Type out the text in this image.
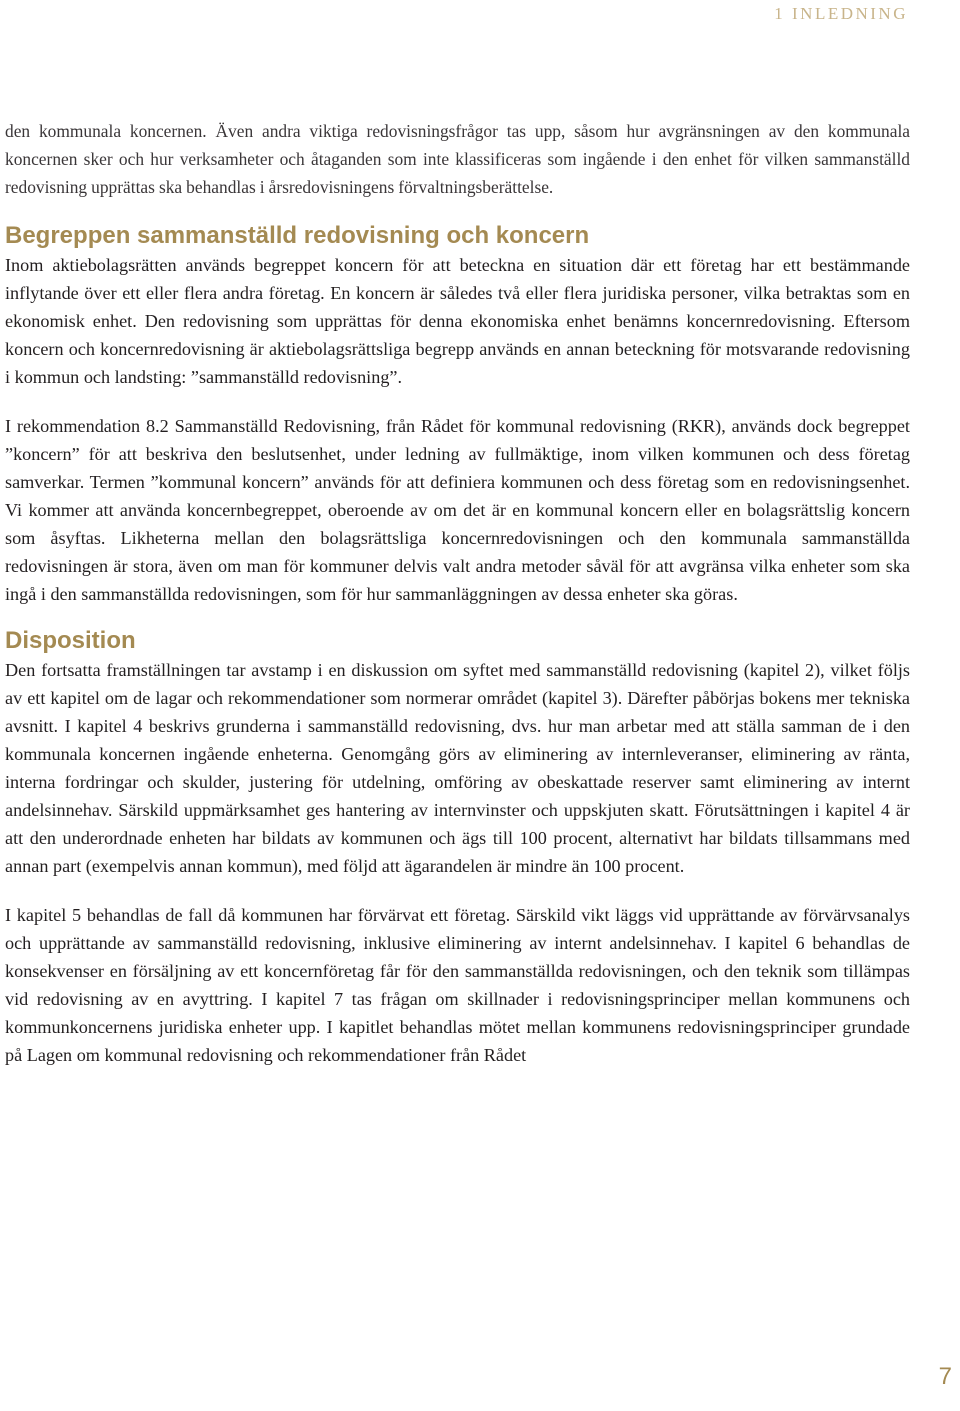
1 INLEDNING

den kommunala koncernen. Även andra viktiga redovisningsfrågor tas upp, såsom hur avgränsningen av den kommunala koncernen sker och hur verksamheter och åtaganden som inte klassificeras som ingående i den enhet för vilken sammanställd redovisning upprättas ska behandlas i årsredovisningens förvaltningsberättelse.

Begreppen sammanställd redovisning och koncern

Inom aktiebolagsrätten används begreppet koncern för att beteckna en situation där ett företag har ett bestämmande inflytande över ett eller flera andra företag. En koncern är således två eller flera juridiska personer, vilka betraktas som en ekonomisk enhet. Den redovisning som upprättas för denna ekonomiska enhet benämns koncernredovisning. Eftersom koncern och koncernredovisning är aktiebolagsrättsliga begrepp används en annan beteckning för motsvarande redovisning i kommun och landsting: ”sammanställd redovisning”.

I rekommendation 8.2 Sammanställd Redovisning, från Rådet för kommunal redovisning (RKR), används dock begreppet ”koncern” för att beskriva den beslutsenhet, under ledning av fullmäktige, inom vilken kommunen och dess företag samverkar. Termen ”kommunal koncern” används för att definiera kommunen och dess företag som en redovisningsenhet. Vi kommer att använda koncernbegreppet, oberoende av om det är en kommunal koncern eller en bolagsrättslig koncern som åsyftas. Likheterna mellan den bolagsrättsliga koncernredovisningen och den kommunala sammanställda redovisningen är stora, även om man för kommuner delvis valt andra metoder såväl för att avgränsa vilka enheter som ska ingå i den sammanställda redovisningen, som för hur sammanläggningen av dessa enheter ska göras.

Disposition

Den fortsatta framställningen tar avstamp i en diskussion om syftet med sammanställd redovisning (kapitel 2), vilket följs av ett kapitel om de lagar och rekommendationer som normerar området (kapitel 3). Därefter påbörjas bokens mer tekniska avsnitt. I kapitel 4 beskrivs grunderna i sammanställd redovisning, dvs. hur man arbetar med att ställa samman de i den kommunala koncernen ingående enheterna. Genomgång görs av eliminering av internleveranser, eliminering av ränta, interna fordringar och skulder, justering för utdelning, omföring av obeskattade reserver samt eliminering av internt andelsinnehav. Särskild uppmärksamhet ges hantering av internvinster och uppskjuten skatt. Förutsättningen i kapitel 4 är att den underordnade enheten har bildats av kommunen och ägs till 100 procent, alternativt har bildats tillsammans med annan part (exempelvis annan kommun), med följd att ägarandelen är mindre än 100 procent.

I kapitel 5 behandlas de fall då kommunen har förvärvat ett företag. Särskild vikt läggs vid upprättande av förvärvsanalys och upprättande av sammanställd redovisning, inklusive eliminering av internt andelsinnehav. I kapitel 6 behandlas de konsekvenser en försäljning av ett koncernföretag får för den sammanställda redovisningen, och den teknik som tillämpas vid redovisning av en avyttring. I kapitel 7 tas frågan om skillnader i redovisningsprinciper mellan kommunens och kommunkoncernens juridiska enheter upp. I kapitlet behandlas mötet mellan kommunens redovisningsprinciper grundade på Lagen om kommunal redovisning och rekommendationer från Rådet

7
